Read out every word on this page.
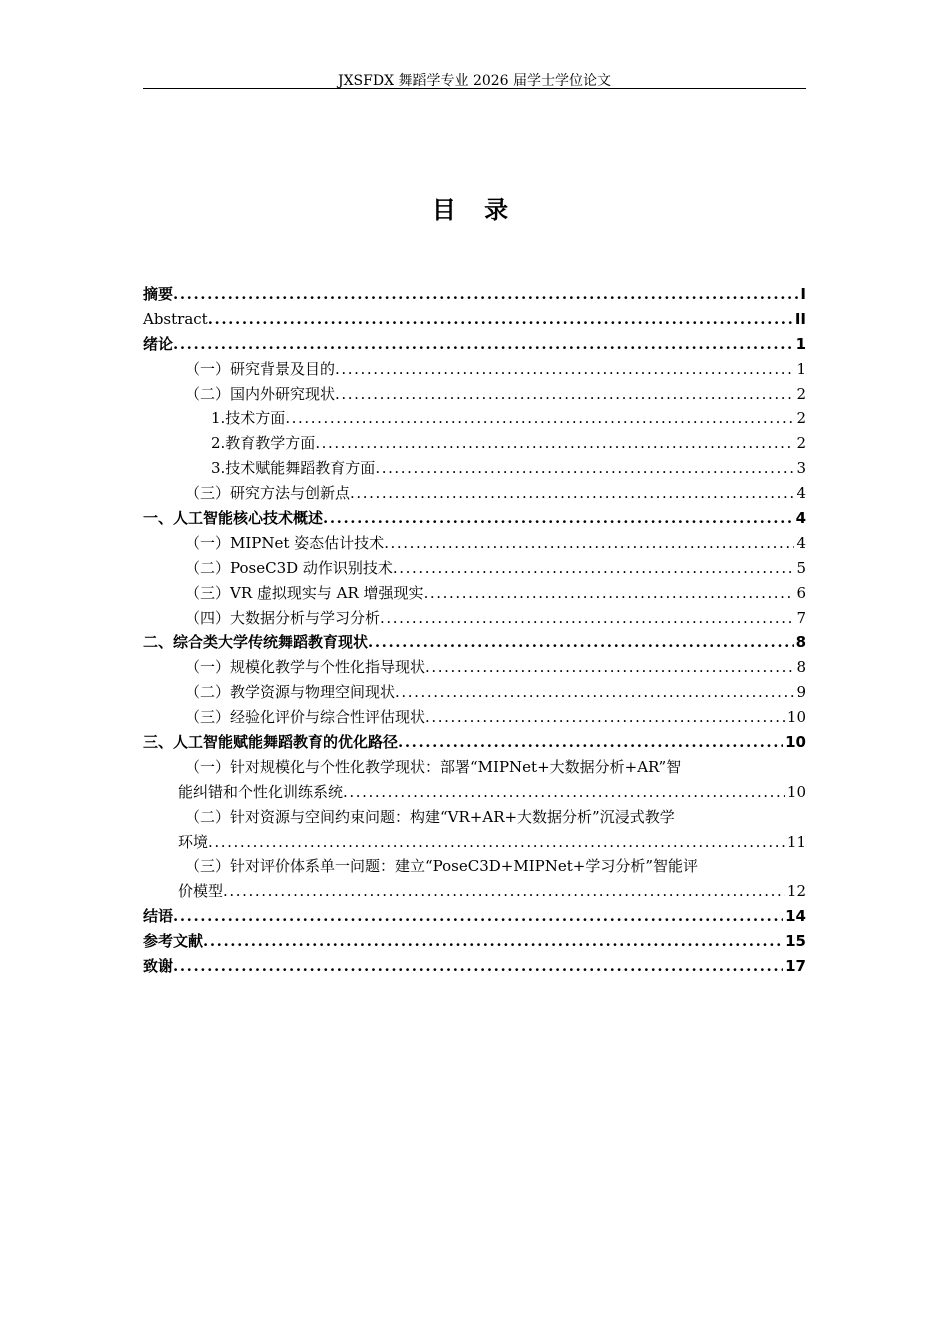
JXSFDX 舞蹈学专业 2026 届学士学位论文
目 录
摘要 .....	I
Abstract .....	II
绪论 .....	1
（一）研究背景及目的 .....	1
（二）国内外研究现状 .....	2
1.技术方面 .....	2
2.教育教学方面 .....	2
3.技术赋能舞蹈教育方面 .....	3
（三）研究方法与创新点 .....	4
一、人工智能核心技术概述 .....	4
（一）MIPNet 姿态估计技术 .....	4
（二）PoseC3D 动作识别技术 .....	5
（三）VR 虚拟现实与 AR 增强现实 .....	6
（四）大数据分析与学习分析 .....	7
二、综合类大学传统舞蹈教育现状 .....	8
（一）规模化教学与个性化指导现状 .....	8
（二）教学资源与物理空间现状 .....	9
（三）经验化评价与综合性评估现状 .....	10
三、人工智能赋能舞蹈教育的优化路径 .....	10
（一）针对规模化与个性化教学现状：部署“MIPNet+大数据分析+AR”智
能纠错和个性化训练系统 .....	10
（二）针对资源与空间约束问题：构建“VR+AR+大数据分析”沉浸式教学
环境 .....	11
（三）针对评价体系单一问题：建立“PoseC3D+MIPNet+学习分析”智能评
价模型 .....	12
结语 .....	14
参考文献 .....	15
致谢 .....	17
